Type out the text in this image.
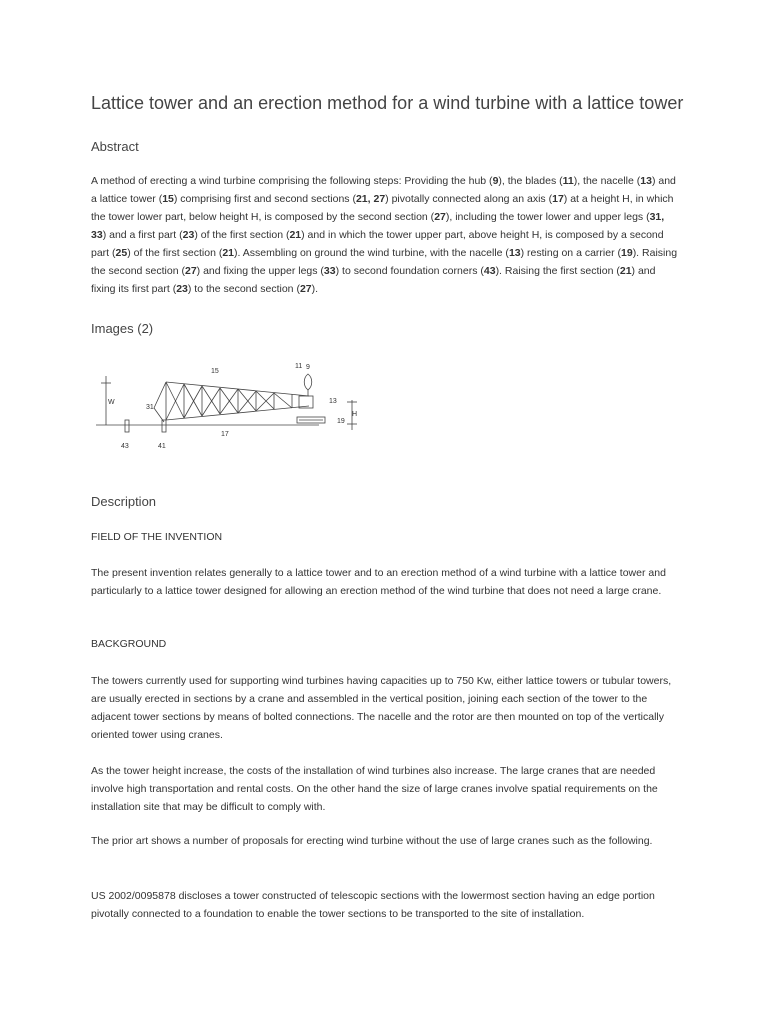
Lattice tower and an erection method for a wind turbine with a lattice tower
Abstract

A method of erecting a wind turbine comprising the following steps: Providing the hub (9), the blades (11), the nacelle (13) and a lattice tower (15) comprising first and second sections (21, 27) pivotally connected along an axis (17) at a height H, in which the tower lower part, below height H, is composed by the second section (27), including the tower lower and upper legs (31, 33) and a first part (23) of the first section (21) and in which the tower upper part, above height H, is composed by a second part (25) of the first section (21). Assembling on ground the wind turbine, with the nacelle (13) resting on a carrier (19). Raising the second section (27) and fixing the upper legs (33) to second foundation corners (43). Raising the first section (21) and fixing its first part (23) to the second section (27).

Images (2)
Description

FIELD OF THE INVENTION

The present invention relates generally to a lattice tower and to an erection method of a wind turbine with a lattice tower and particularly to a lattice tower designed for allowing an erection method of the wind turbine that does not need a large crane.

BACKGROUND

The towers currently used for supporting wind turbines having capacities up to 750 Kw, either lattice towers or tubular towers, are usually erected in sections by a crane and assembled in the vertical position, joining each section of the tower to the adjacent tower sections by means of bolted connections. The nacelle and the rotor are then mounted on top of the vertically oriented tower using cranes.

As the tower height increase, the costs of the installation of wind turbines also increase. The large cranes that are needed involve high transportation and rental costs. On the other hand the size of large cranes involve spatial requirements on the installation site that may be difficult to comply with.

The prior art shows a number of proposals for erecting wind turbine without the use of large cranes such as the following.

US 2002/0095878 discloses a tower constructed of telescopic sections with the lowermost section having an edge portion pivotally connected to a foundation to enable the tower sections to be transported to the site of installation.

15
11 9
31
13
19
17
43	41
W
H
